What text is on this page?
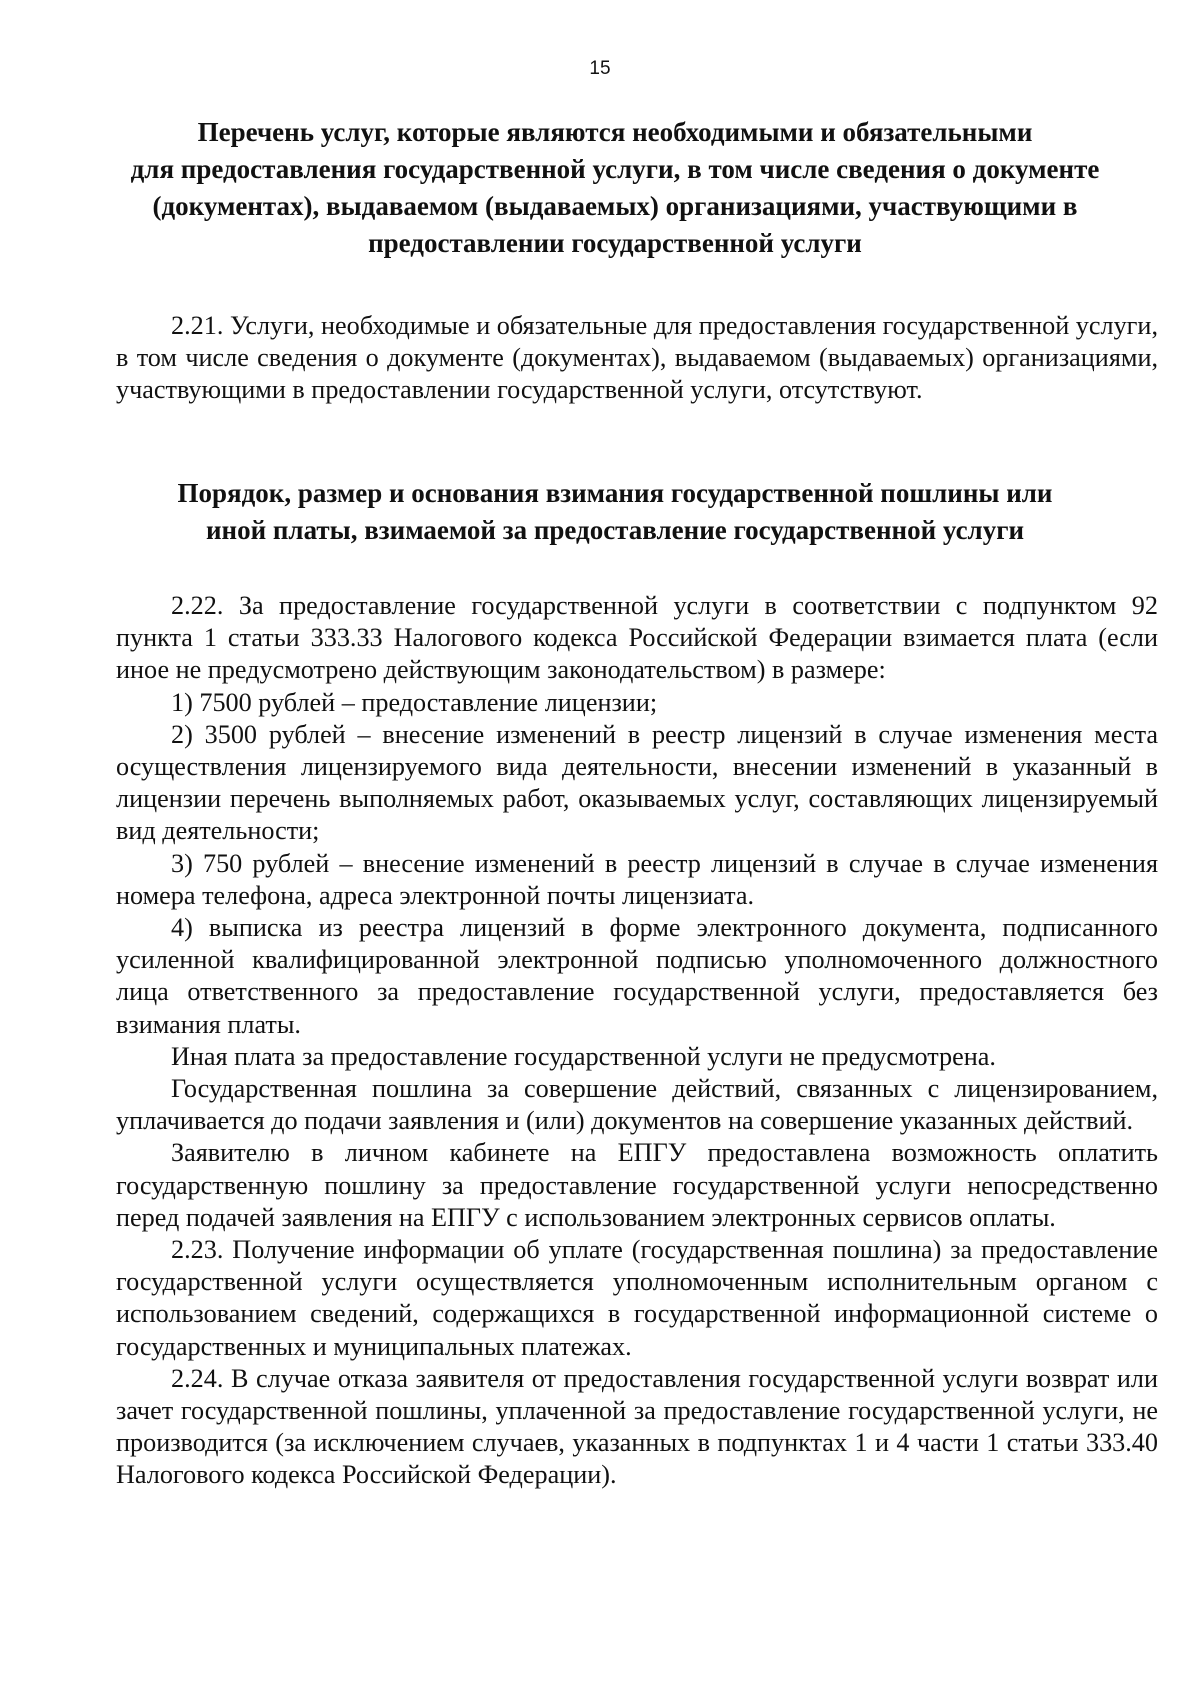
15
Перечень услуг, которые являются необходимыми и обязательными
для предоставления государственной услуги, в том числе сведения о документе
(документах), выдаваемом (выдаваемых) организациями, участвующими в
предоставлении государственной услуги

2.21. Услуги, необходимые и обязательные для предоставления государственной услуги, в том числе сведения о документе (документах), выдаваемом (выдаваемых) организациями, участвующими в предоставлении государственной услуги, отсутствуют.

Порядок, размер и основания взимания государственной пошлины или
иной платы, взимаемой за предоставление государственной услуги

2.22. За предоставление государственной услуги в соответствии с подпунктом 92 пункта 1 статьи 333.33 Налогового кодекса Российской Федерации взимается плата (если иное не предусмотрено действующим законодательством) в размере:

1) 7500 рублей – предоставление лицензии;

2) 3500 рублей – внесение изменений в реестр лицензий в случае изменения места осуществления лицензируемого вида деятельности, внесении изменений в указанный в лицензии перечень выполняемых работ, оказываемых услуг, составляющих лицензируемый вид деятельности;

3) 750 рублей – внесение изменений в реестр лицензий в случае в случае изменения номера телефона, адреса электронной почты лицензиата.

4) выписка из реестра лицензий в форме электронного документа, подписанного усиленной квалифицированной электронной подписью уполномоченного должностного лица ответственного за предоставление государственной услуги, предоставляется без взимания платы.

Иная плата за предоставление государственной услуги не предусмотрена.

Государственная пошлина за совершение действий, связанных с лицензированием, уплачивается до подачи заявления и (или) документов на совершение указанных действий.

Заявителю в личном кабинете на ЕПГУ предоставлена возможность оплатить государственную пошлину за предоставление государственной услуги непосредственно перед подачей заявления на ЕПГУ с использованием электронных сервисов оплаты.

2.23. Получение информации об уплате (государственная пошлина) за предоставление государственной услуги осуществляется уполномоченным исполнительным органом с использованием сведений, содержащихся в государственной информационной системе о государственных и муниципальных платежах.

2.24. В случае отказа заявителя от предоставления государственной услуги возврат или зачет государственной пошлины, уплаченной за предоставление государственной услуги, не производится (за исключением случаев, указанных в подпунктах 1 и 4 части 1 статьи 333.40 Налогового кодекса Российской Федерации).
